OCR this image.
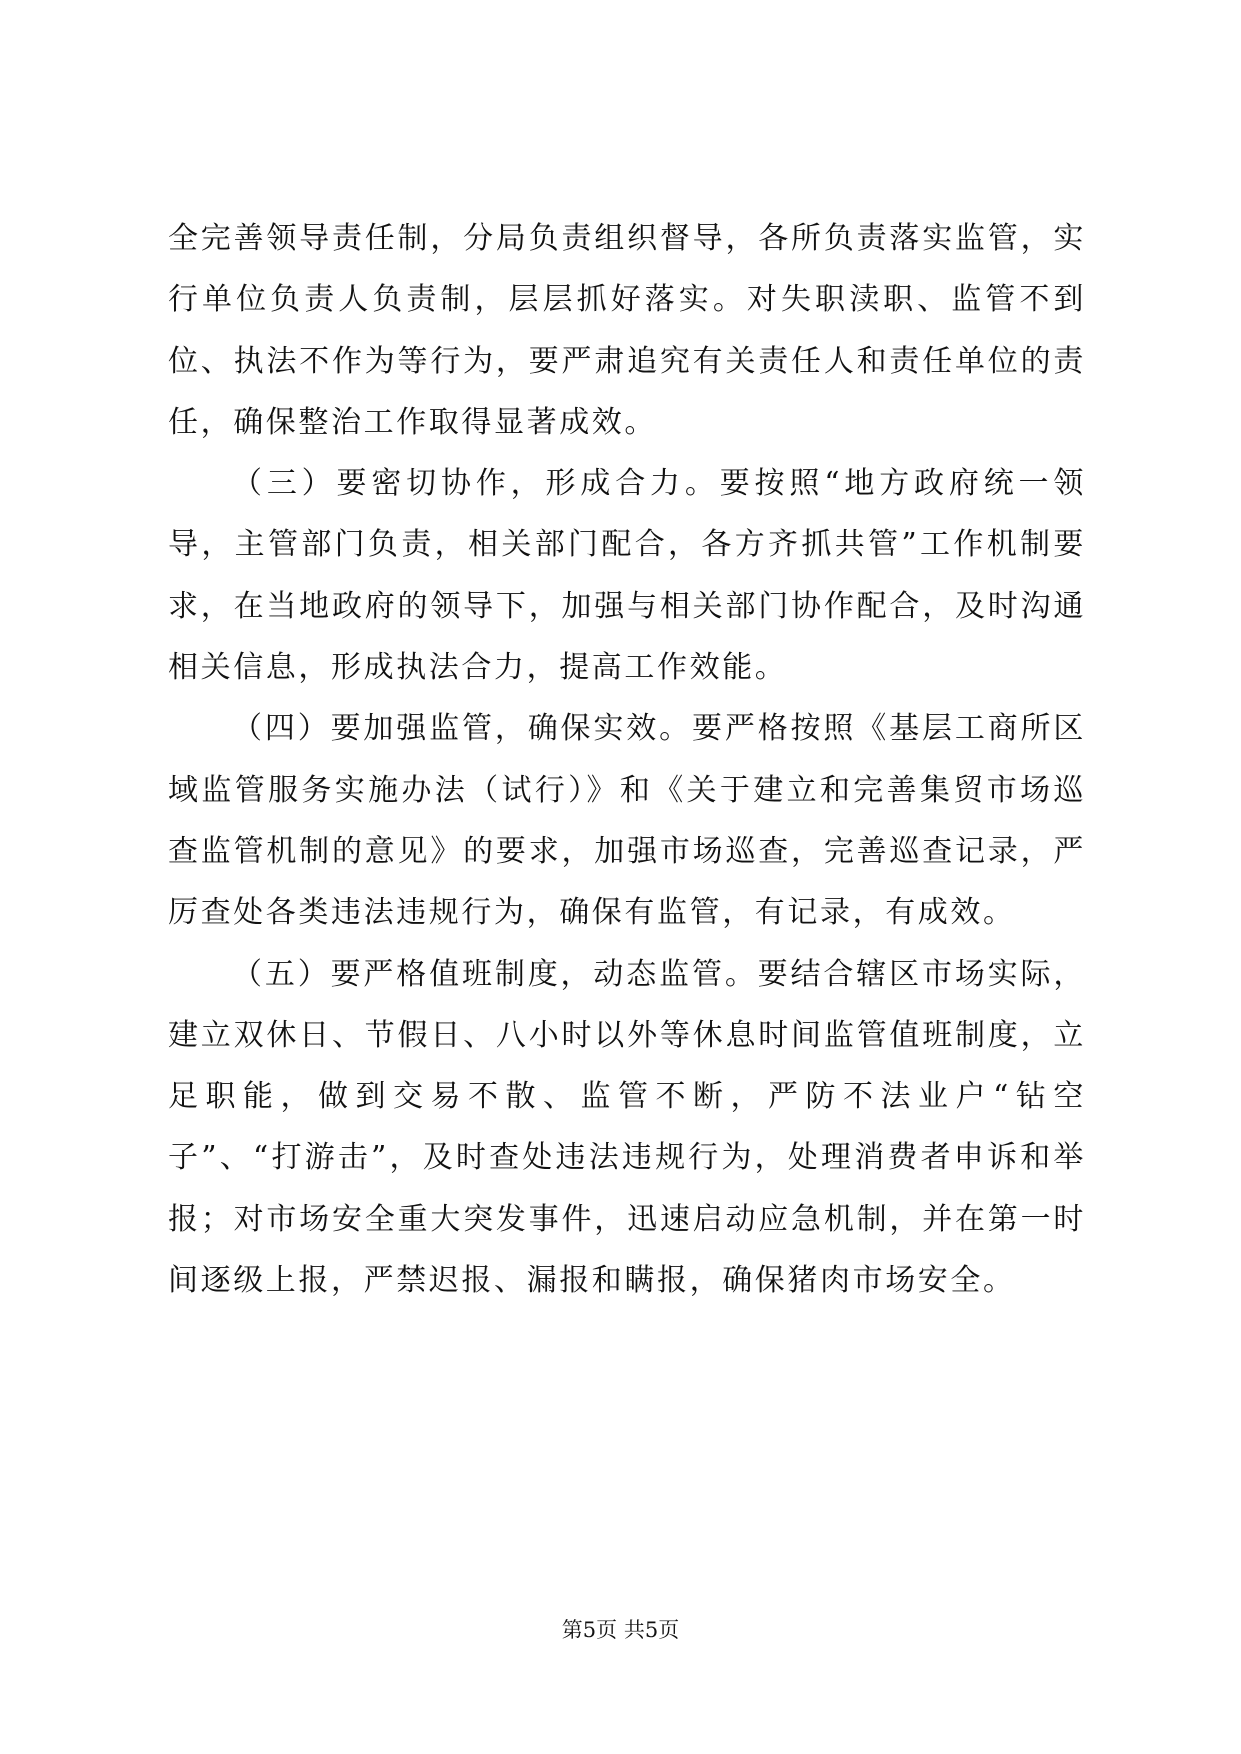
全完善领导责任制，分局负责组织督导，各所负责落实监管，实行单位负责人负责制，层层抓好落实。对失职渎职、监管不到位、执法不作为等行为，要严肃追究有关责任人和责任单位的责任，确保整治工作取得显著成效。

（三）要密切协作，形成合力。要按照“地方政府统一领导，主管部门负责，相关部门配合，各方齐抓共管”工作机制要求，在当地政府的领导下，加强与相关部门协作配合，及时沟通相关信息，形成执法合力，提高工作效能。

（四）要加强监管，确保实效。要严格按照《基层工商所区域监管服务实施办法（试行）》和《关于建立和完善集贸市场巡查监管机制的意见》的要求，加强市场巡查，完善巡查记录，严厉查处各类违法违规行为，确保有监管，有记录，有成效。

（五）要严格值班制度，动态监管。要结合辖区市场实际，建立双休日、节假日、八小时以外等休息时间监管值班制度，立足职能，做到交易不散、监管不断，严防不法业户“钻空子”、“打游击”，及时查处违法违规行为，处理消费者申诉和举报；对市场安全重大突发事件，迅速启动应急机制，并在第一时间逐级上报，严禁迟报、漏报和瞒报，确保猪肉市场安全。

第5页 共5页
